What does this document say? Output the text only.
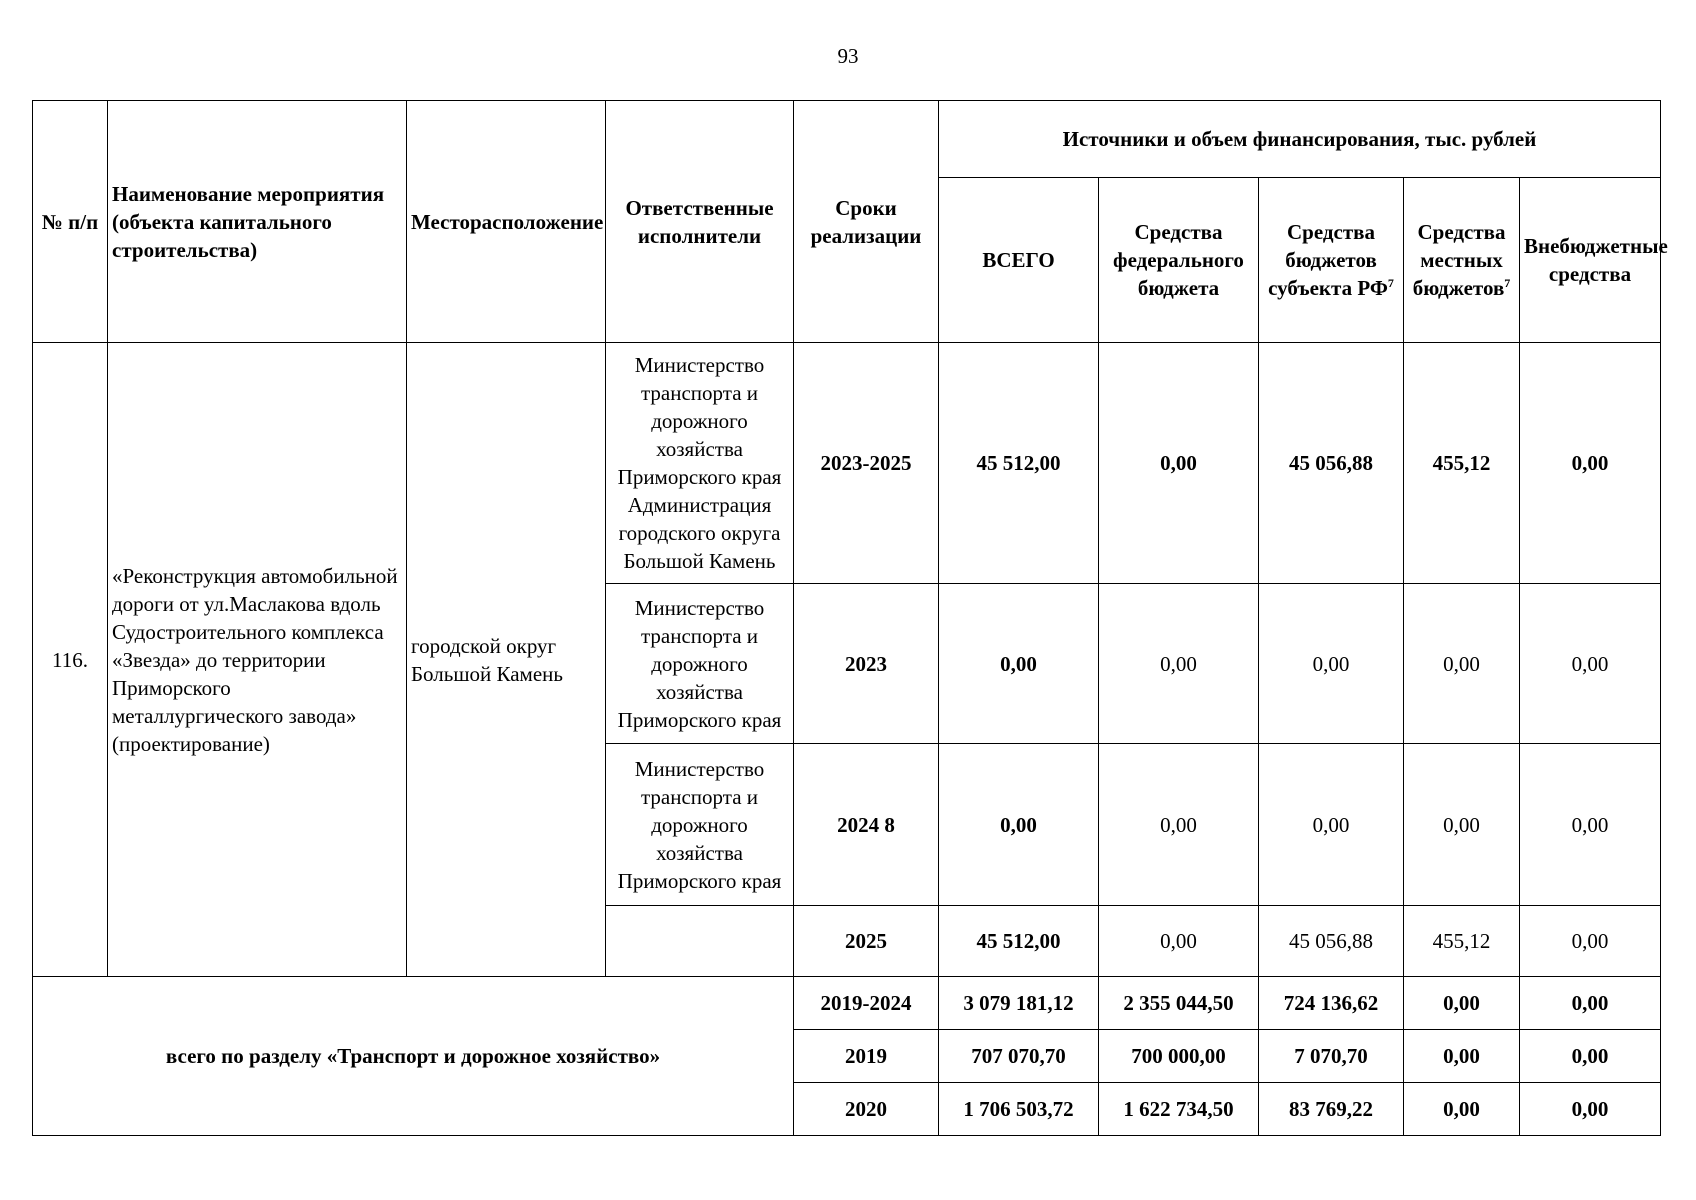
93
№ п/п	Наименование мероприятия (объекта капитального строительства)	Месторасположение	Ответственные исполнители	Сроки реализации	Источники и объем финансирования, тыс. рублей				
					ВСЕГО	Средства федерального бюджета	Средства бюджетов субъекта $РФ^7$	Средства местных бюджетов$^7$	Внебюджетные средства
116.	«Реконструкция автомобильной дороги от ул.Маслакова вдоль Судостроительного комплекса «Звезда» до территории Приморского металлургического завода» (проектирование)	городской округ Большой Камень	Министерство транспорта и дорожного хозяйства Приморского края Администрация городского округа Большой Камень	2023-2025	45 512,00	0,00	45 056,88	455,12	0,00
			Министерство транспорта и дорожного хозяйства Приморского края	2023	0,00	0,00	0,00	0,00	0,00
			Министерство транспорта и дорожного хозяйства Приморского края	2024 8	0,00	0,00	0,00	0,00	0,00
				2025	45 512,00	0,00	45 056,88	455,12	0,00
всего по разделу «Транспорт и дорожное хозяйство»				2019-2024	3 079 181,12	2 355 044,50	724 136,62	0,00	0,00
				2019	707 070,70	700 000,00	7 070,70	0,00	0,00
				2020	1 706 503,72	1 622 734,50	83 769,22	0,00	0,00
